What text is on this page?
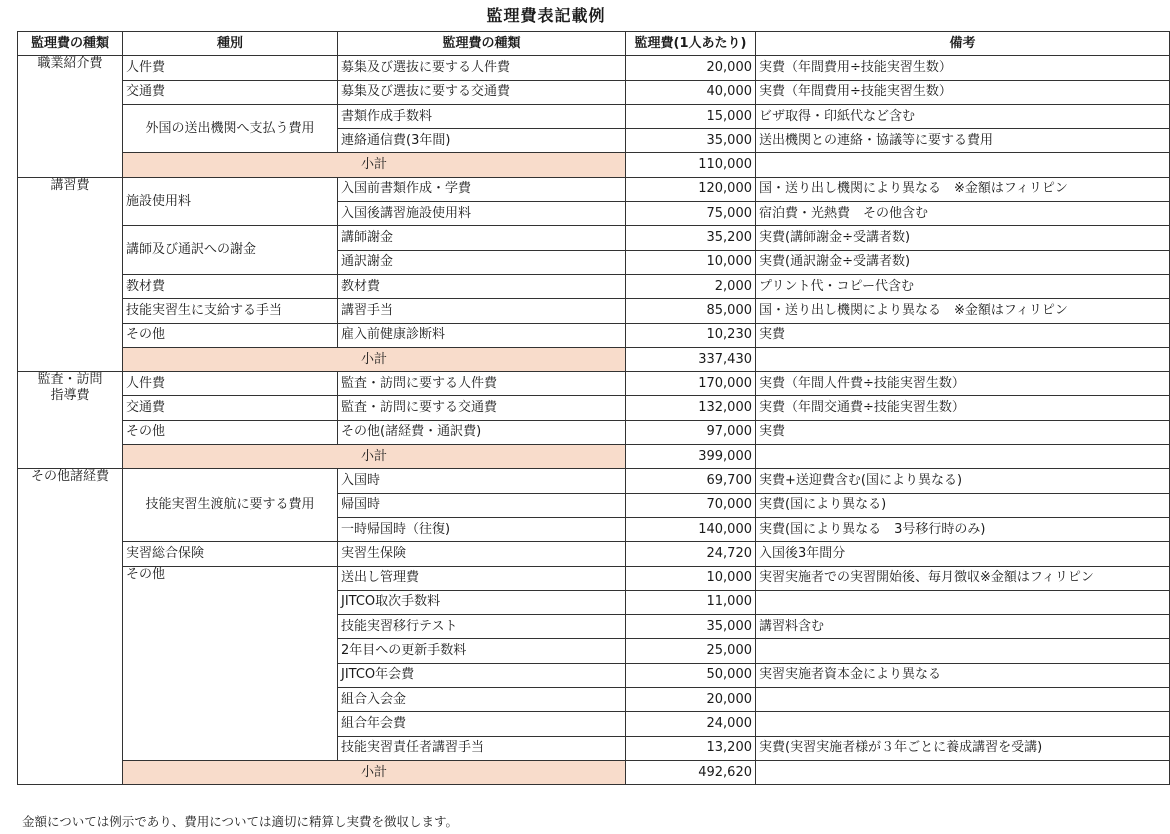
監理費表記載例
監理費の種類	種別	監理費の種類	監理費(1人あたり)	備考
職業紹介費	人件費	募集及び選抜に要する人件費	20,000	実費（年間費用÷技能実習生数）
	交通費	募集及び選抜に要する交通費	40,000	実費（年間費用÷技能実習生数）
	外国の送出機関へ支払う費用	書類作成手数料	15,000	ビザ取得・印紙代など含む
		連絡通信費(3年間)	35,000	送出機関との連絡・協議等に要する費用
	小計		110,000	
講習費	施設使用料	入国前書類作成・学費	120,000	国・送り出し機関により異なる　※金額はフィリピン
		入国後講習施設使用料	75,000	宿泊費・光熱費　その他含む
	講師及び通訳への謝金	講師謝金	35,200	実費(講師謝金÷受講者数)
		通訳謝金	10,000	実費(通訳謝金÷受講者数)
	教材費	教材費	2,000	プリント代・コピー代含む
	技能実習生に支給する手当	講習手当	85,000	国・送り出し機関により異なる　※金額はフィリピン
	その他	雇入前健康診断料	10,230	実費
	小計		337,430	
監査・訪問
指導費	人件費	監査・訪問に要する人件費	170,000	実費（年間人件費÷技能実習生数）
	交通費	監査・訪問に要する交通費	132,000	実費（年間交通費÷技能実習生数）
	その他	その他(諸経費・通訳費)	97,000	実費
	小計		399,000	
その他諸経費	技能実習生渡航に要する費用	入国時	69,700	実費+送迎費含む(国により異なる)
		帰国時	70,000	実費(国により異なる)
		一時帰国時（往復)	140,000	実費(国により異なる　3号移行時のみ)
	実習総合保険	実習生保険	24,720	入国後3年間分
	その他	送出し管理費	10,000	実習実施者での実習開始後、毎月徴収※金額はフィリピン
		JITCO取次手数料	11,000	
		技能実習移行テスト	35,000	講習料含む
		2年目への更新手数料	25,000	
		JITCO年会費	50,000	実習実施者資本金により異なる
		組合入会金	20,000	
		組合年会費	24,000	
		技能実習責任者講習手当	13,200	実費(実習実施者様が３年ごとに養成講習を受講)
	小計		492,620	
金額については例示であり、費用については適切に精算し実費を徴収します。
